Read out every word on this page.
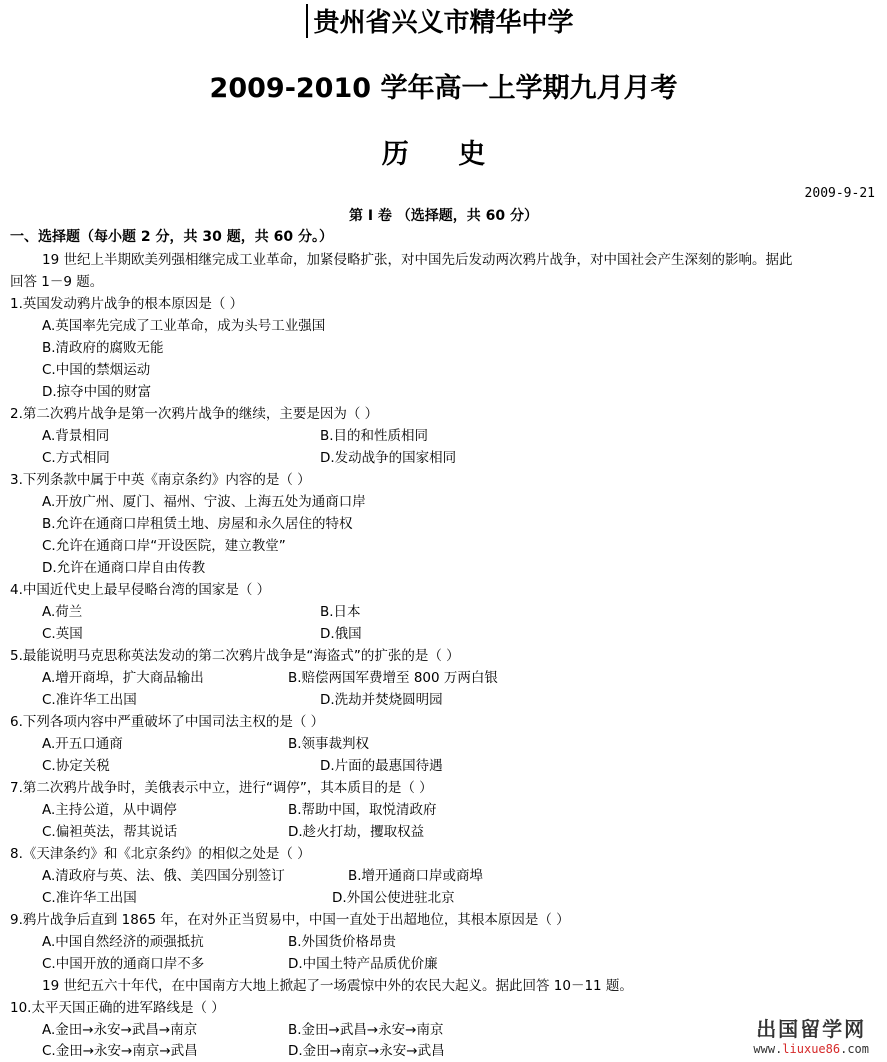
贵州省兴义市精华中学
2009-2010 学年高一上学期九月月考
历 史
2009-9-21
第 I 卷 （选择题，共 60 分）
一、选择题（每小题 2 分，共 30 题，共 60 分。）
19 世纪上半期欧美列强相继完成工业革命，加紧侵略扩张，对中国先后发动两次鸦片战争，对中国社会产生深刻的影响。据此
回答 1－9 题。
1.英国发动鸦片战争的根本原因是（ ）
A.英国率先完成了工业革命，成为头号工业强国
B.清政府的腐败无能
C.中国的禁烟运动
D.掠夺中国的财富
2.第二次鸦片战争是第一次鸦片战争的继续，主要是因为（ ）
A.背景相同	B.目的和性质相同
C.方式相同	D.发动战争的国家相同
3.下列条款中属于中英《南京条约》内容的是（ ）
A.开放广州、厦门、福州、宁波、上海五处为通商口岸
B.允许在通商口岸租赁土地、房屋和永久居住的特权
C.允许在通商口岸“开设医院，建立教堂”
D.允许在通商口岸自由传教
4.中国近代史上最早侵略台湾的国家是（ ）
A.荷兰	B.日本
C.英国	D.俄国
5.最能说明马克思称英法发动的第二次鸦片战争是“海盗式”的扩张的是（ ）
A.增开商埠，扩大商品输出	B.赔偿两国军费增至 800 万两白银
C.准许华工出国	D.洗劫并焚烧圆明园
6.下列各项内容中严重破坏了中国司法主权的是（ ）
A.开五口通商	B.领事裁判权
C.协定关税	D.片面的最惠国待遇
7.第二次鸦片战争时，美俄表示中立，进行“调停”，其本质目的是（ ）
A.主持公道，从中调停	B.帮助中国，取悦清政府
C.偏袒英法，帮其说话	D.趁火打劫，攫取权益
8.《天津条约》和《北京条约》的相似之处是（ ）
A.清政府与英、法、俄、美四国分别签订	B.增开通商口岸或商埠
C.准许华工出国	D.外国公使进驻北京
9.鸦片战争后直到 1865 年，在对外正当贸易中，中国一直处于出超地位，其根本原因是（ ）
A.中国自然经济的顽强抵抗	B.外国货价格昂贵
C.中国开放的通商口岸不多	D.中国土特产品质优价廉
19 世纪五六十年代，在中国南方大地上掀起了一场震惊中外的农民大起义。据此回答 10－11 题。
10.太平天国正确的进军路线是（ ）
A.金田→永安→武昌→南京	B.金田→武昌→永安→南京
C.金田→永安→南京→武昌	D.金田→南京→永安→武昌
出国留学网
www.liuxue86.com
